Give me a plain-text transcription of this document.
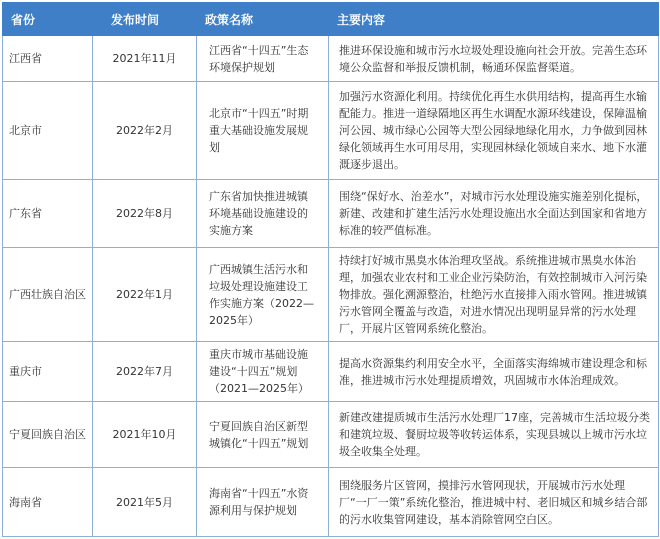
省份	发布时间	政策名称	主要内容
江西省	2021年11月	江西省“十四五”生态环境保护规划	推进环保设施和城市污水垃圾处理设施向社会开放。完善生态环境公众监督和举报反馈机制，畅通环保监督渠道。
北京市	2022年2月	北京市“十四五”时期重大基础设施发展规划	加强污水资源化利用。持续优化再生水供用结构，提高再生水输配能力。推进一道绿隔地区再生水调配水源环线建设，保障温榆河公园、城市绿心公园等大型公园绿地绿化用水，力争做到园林绿化领域再生水可用尽用，实现园林绿化领域自来水、地下水灌溉逐步退出。
广东省	2022年8月	广东省加快推进城镇环境基础设施建设的实施方案	围绕“保好水、治差水”，对城市污水处理设施实施差别化提标，新建、改建和扩建生活污水处理设施出水全面达到国家和省地方标准的较严值标准。
广西壮族自治区	2022年1月	广西城镇生活污水和垃圾处理设施建设工作实施方案（2022—2025年）	持续打好城市黑臭水体治理攻坚战。系统推进城市黑臭水体治理，加强农业农村和工业企业污染防治，有效控制城市入河污染物排放。强化溯源整治，杜绝污水直接排入雨水管网。推进城镇污水管网全覆盖与改造，对进水情况出现明显异常的污水处理厂，开展片区管网系统化整治。
重庆市	2022年7月	重庆市城市基础设施建设“十四五”规划（2021—2025年）	提高水资源集约利用安全水平，全面落实海绵城市建设理念和标准，推进城市污水处理提质增效，巩固城市水体治理成效。
宁夏回族自治区	2021年10月	宁夏回族自治区新型城镇化“十四五”规划	新建改建提质城市生活污水处理厂17座，完善城市生活垃圾分类和建筑垃圾、餐厨垃圾等收转运体系，实现县城以上城市污水垃圾全收集全处理。
海南省	2021年5月	海南省“十四五”水资源利用与保护规划	围绕服务片区管网，摸排污水管网现状，开展城市污水处理厂“一厂一策”系统化整治，推进城中村、老旧城区和城乡结合部的污水收集管网建设，基本消除管网空白区。
